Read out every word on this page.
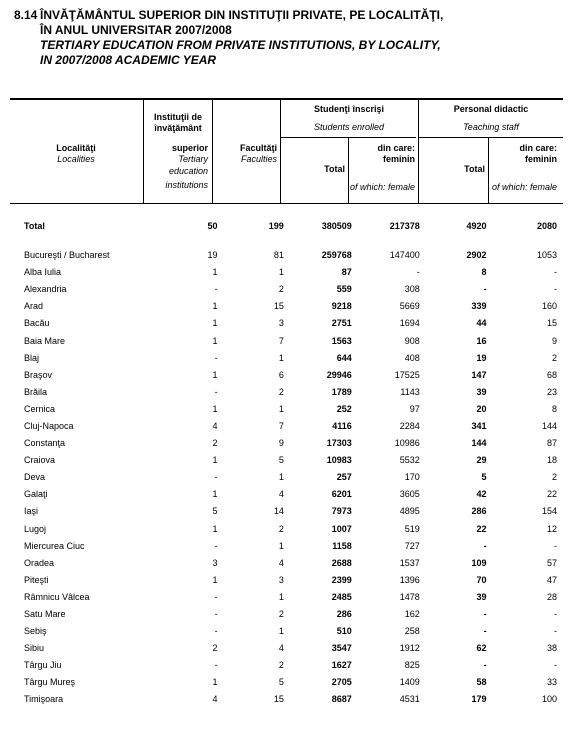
8.14 ÎNVĂŢĂMÂNTUL SUPERIOR DIN INSTITUŢII PRIVATE, PE LOCALITĂŢI,
ÎN ANUL UNIVERSITAR 2007/2008
TERTIARY EDUCATION FROM PRIVATE INSTITUTIONS, BY LOCALITY,
IN 2007/2008 ACADEMIC YEAR
Localităţi
Localities
Instituţii de
învăţământ
superior
Tertiary
education
institutions
Facultăţi
Faculties
Studenţi înscrişi
Students enrolled
Total
din care:
feminin
of which: female
Personal didactic
Teaching staff
Total
din care:
feminin
of which: female
Total	50	199	380509	217378	4920	2080
Bucureşti / Bucharest	19	81	259768	147400	2902	1053
Alba Iulia	1	1	87	-	8	-
Alexandria	-	2	559	308	-	-
Arad	1	15	9218	5669	339	160
Bacău	1	3	2751	1694	44	15
Baia Mare	1	7	1563	908	16	9
Blaj	-	1	644	408	19	2
Braşov	1	6	29946	17525	147	68
Brăila	-	2	1789	1143	39	23
Cernica	1	1	252	97	20	8
Cluj-Napoca	4	7	4116	2284	341	144
Constanţa	2	9	17303	10986	144	87
Craiova	1	5	10983	5532	29	18
Deva	-	1	257	170	5	2
Galaţi	1	4	6201	3605	42	22
Iaşi	5	14	7973	4895	286	154
Lugoj	1	2	1007	519	22	12
Miercurea Ciuc	-	1	1158	727	-	-
Oradea	3	4	2688	1537	109	57
Piteşti	1	3	2399	1396	70	47
Râmnicu Vâlcea	-	1	2485	1478	39	28
Satu Mare	-	2	286	162	-	-
Sebiş	-	1	510	258	-	-
Sibiu	2	4	3547	1912	62	38
Târgu Jiu	-	2	1627	825	-	-
Târgu Mureş	1	5	2705	1409	58	33
Timişoara	4	15	8687	4531	179	100
